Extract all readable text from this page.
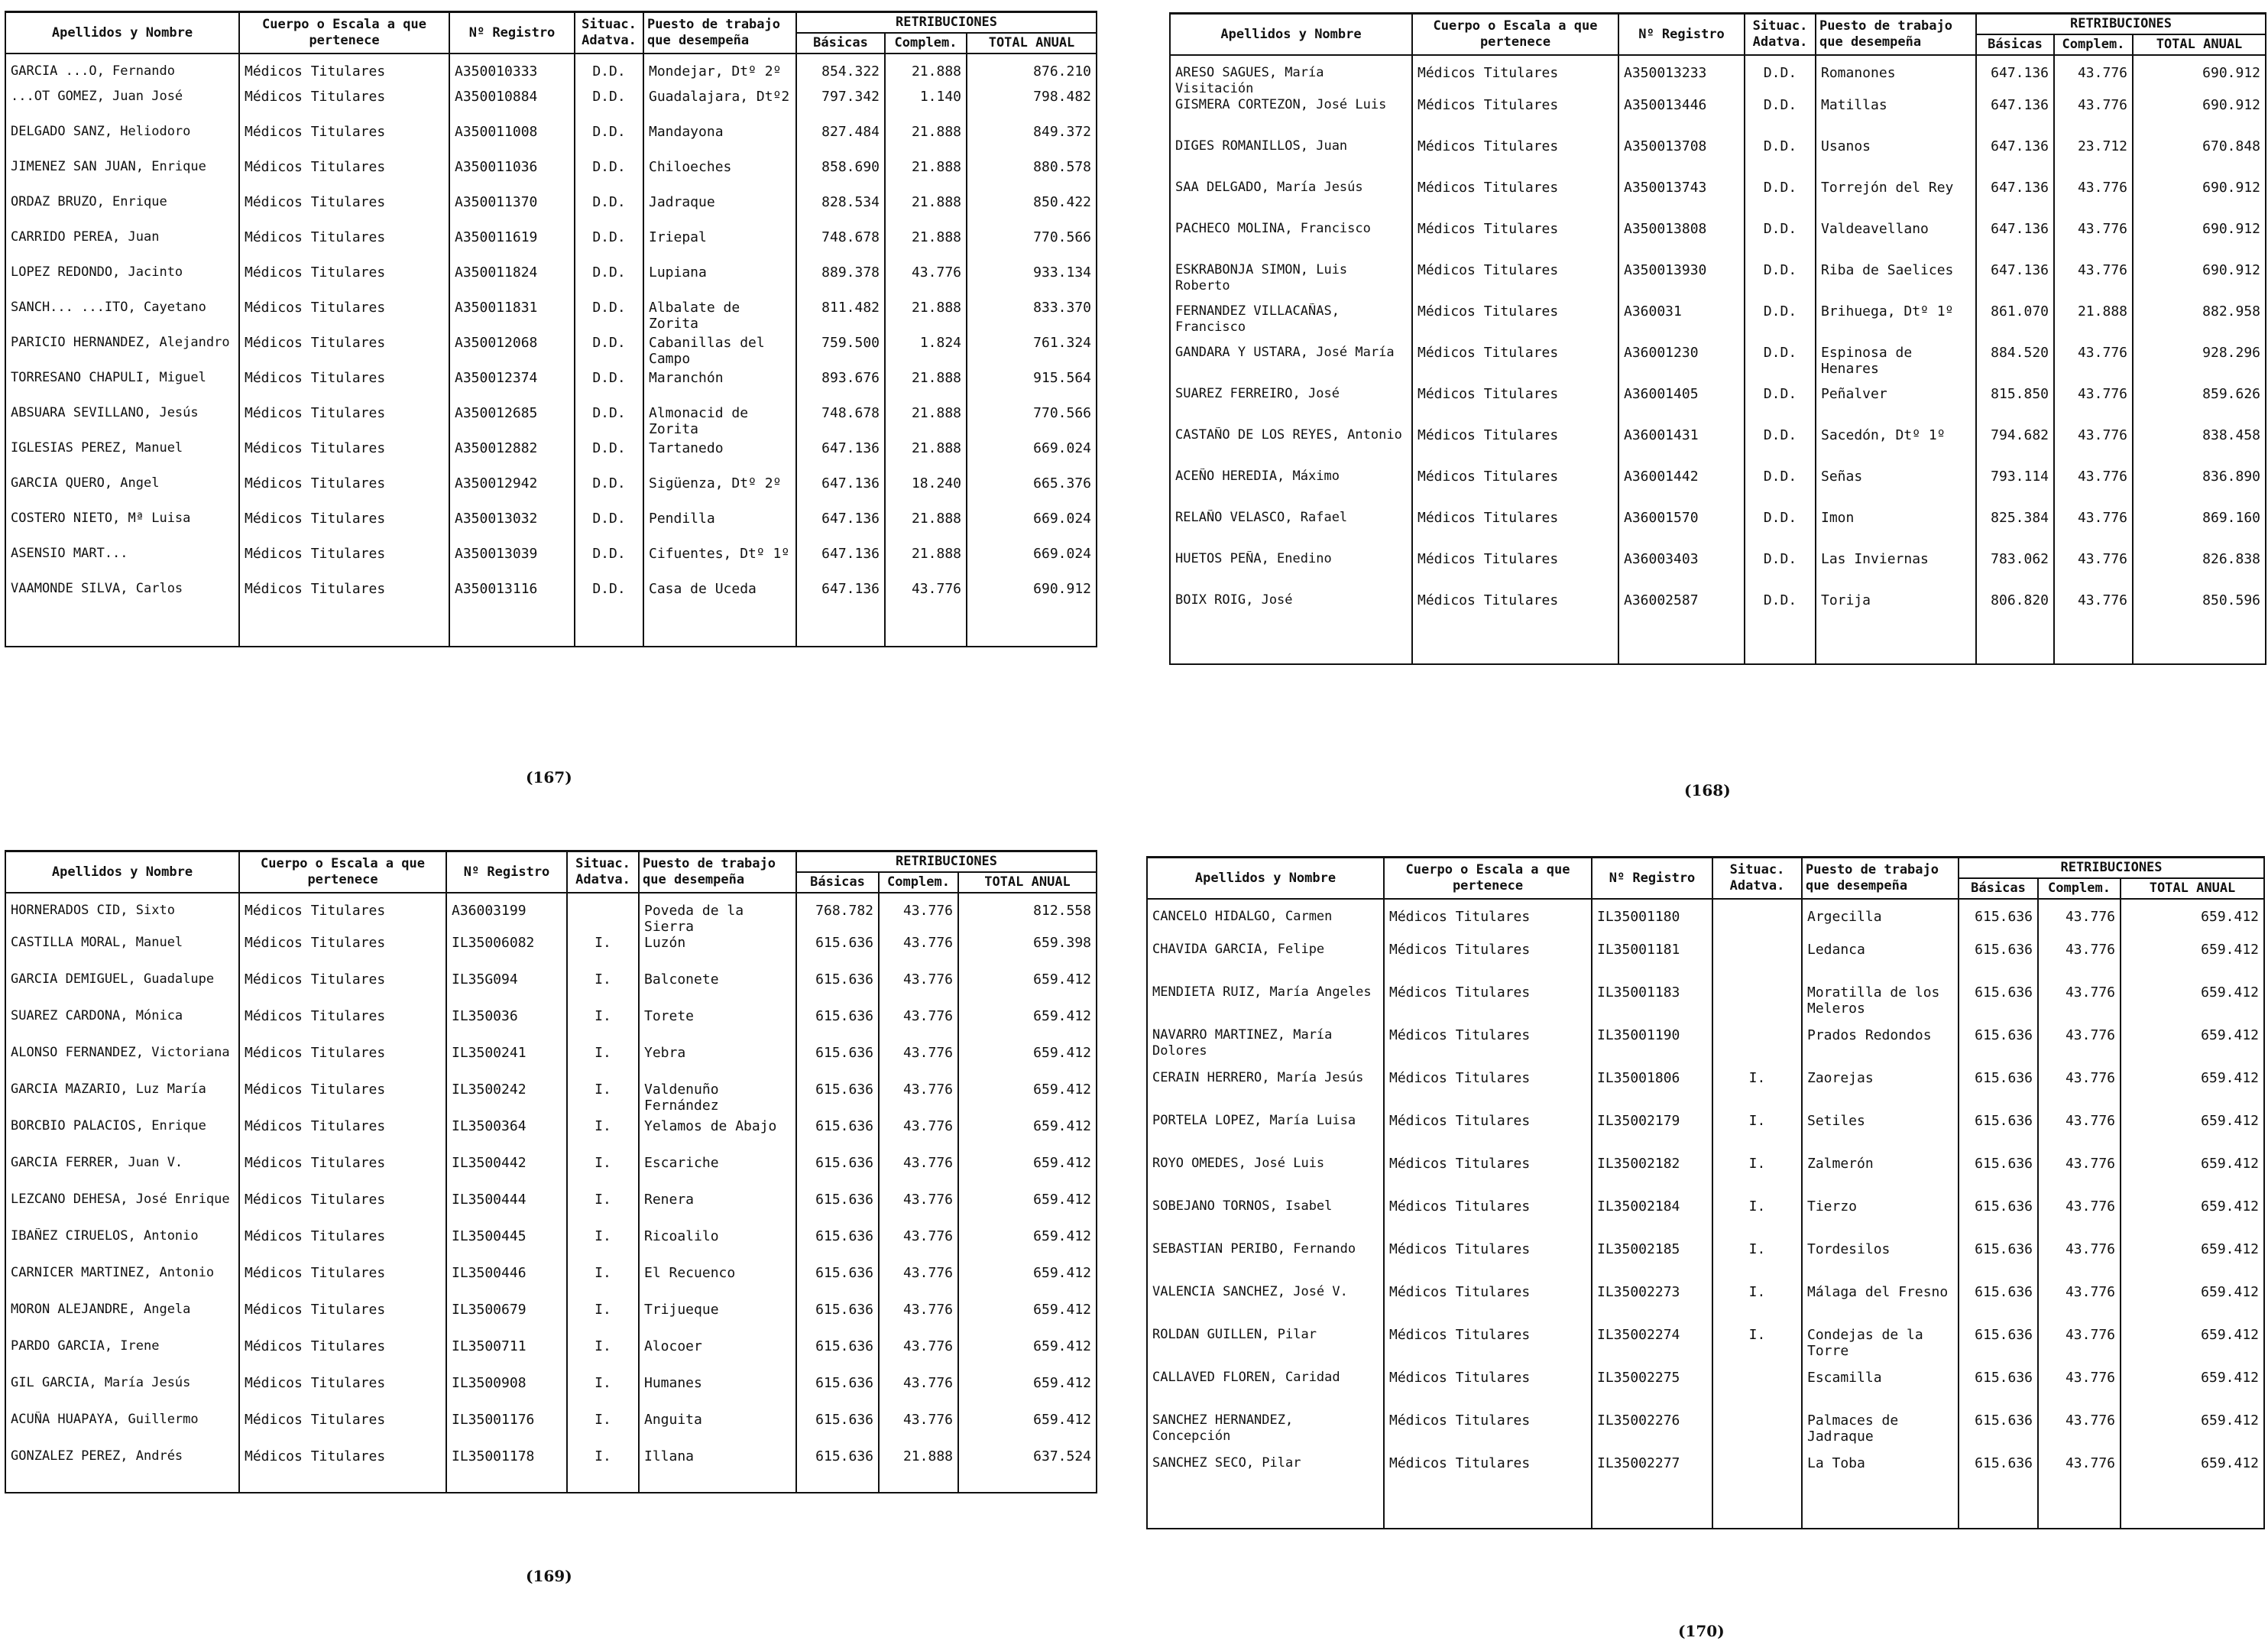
Apellidos y Nombre	Cuerpo o Escala a que pertenece	Nº Registro	Situac. Adatva.	Puesto de trabajo que desempeña	RETRIBUCIONES		
					Básicas	Complem.	TOTAL ANUAL
GARCIA ...O, Fernando	Médicos Titulares	A350010333	D.D.	Mondejar, Dtº 2º	854.322	21.888	876.210
...OT GOMEZ, Juan José	Médicos Titulares	A350010884	D.D.	Guadalajara, Dtº2	797.342	1.140	798.482
DELGADO SANZ, Heliodoro	Médicos Titulares	A350011008	D.D.	Mandayona	827.484	21.888	849.372
JIMENEZ SAN JUAN, Enrique	Médicos Titulares	A350011036	D.D.	Chiloeches	858.690	21.888	880.578
ORDAZ BRUZO, Enrique	Médicos Titulares	A350011370	D.D.	Jadraque	828.534	21.888	850.422
CARRIDO PEREA, Juan	Médicos Titulares	A350011619	D.D.	Iriepal	748.678	21.888	770.566
LOPEZ REDONDO, Jacinto	Médicos Titulares	A350011824	D.D.	Lupiana	889.378	43.776	933.134
SANCH... ...ITO, Cayetano	Médicos Titulares	A350011831	D.D.	Albalate de Zorita	811.482	21.888	833.370
PARICIO HERNANDEZ, Alejandro	Médicos Titulares	A350012068	D.D.	Cabanillas del Campo	759.500	1.824	761.324
TORRESANO CHAPULI, Miguel	Médicos Titulares	A350012374	D.D.	Maranchón	893.676	21.888	915.564
ABSUARA SEVILLANO, Jesús	Médicos Titulares	A350012685	D.D.	Almonacid de Zorita	748.678	21.888	770.566
IGLESIAS PEREZ, Manuel	Médicos Titulares	A350012882	D.D.	Tartanedo	647.136	21.888	669.024
GARCIA QUERO, Angel	Médicos Titulares	A350012942	D.D.	Sigüenza, Dtº 2º	647.136	18.240	665.376
COSTERO NIETO, Mª Luisa	Médicos Titulares	A350013032	D.D.	Pendilla	647.136	21.888	669.024
ASENSIO MART...	Médicos Titulares	A350013039	D.D.	Cifuentes, Dtº 1º	647.136	21.888	669.024
VAAMONDE SILVA, Carlos	Médicos Titulares	A350013116	D.D.	Casa de Uceda	647.136	43.776	690.912

(167)
Apellidos y Nombre	Cuerpo o Escala a que pertenece	Nº Registro	Situac. Adatva.	Puesto de trabajo que desempeña	RETRIBUCIONES		
					Básicas	Complem.	TOTAL ANUAL
ARESO SAGUES, María Visitación	Médicos Titulares	A350013233	D.D.	Romanones	647.136	43.776	690.912
GISMERA CORTEZON, José Luis	Médicos Titulares	A350013446	D.D.	Matillas	647.136	43.776	690.912
DIGES ROMANILLOS, Juan	Médicos Titulares	A350013708	D.D.	Usanos	647.136	23.712	670.848
SAA DELGADO, María Jesús	Médicos Titulares	A350013743	D.D.	Torrejón del Rey	647.136	43.776	690.912
PACHECO MOLINA, Francisco	Médicos Titulares	A350013808	D.D.	Valdeavellano	647.136	43.776	690.912
ESKRABONJA SIMON, Luis Roberto	Médicos Titulares	A350013930	D.D.	Riba de Saelices	647.136	43.776	690.912
FERNANDEZ VILLACAÑAS, Francisco	Médicos Titulares	A360031	D.D.	Brihuega, Dtº 1º	861.070	21.888	882.958
GANDARA Y USTARA, José María	Médicos Titulares	A36001230	D.D.	Espinosa de Henares	884.520	43.776	928.296
SUAREZ FERREIRO, José	Médicos Titulares	A36001405	D.D.	Peñalver	815.850	43.776	859.626
CASTAÑO DE LOS REYES, Antonio	Médicos Titulares	A36001431	D.D.	Sacedón, Dtº 1º	794.682	43.776	838.458
ACEÑO HEREDIA, Máximo	Médicos Titulares	A36001442	D.D.	Señas	793.114	43.776	836.890
RELAÑO VELASCO, Rafael	Médicos Titulares	A36001570	D.D.	Imon	825.384	43.776	869.160
HUETOS PEÑA, Enedino	Médicos Titulares	A36003403	D.D.	Las Inviernas	783.062	43.776	826.838
BOIX ROIG, José	Médicos Titulares	A36002587	D.D.	Torija	806.820	43.776	850.596

(168)
Apellidos y Nombre	Cuerpo o Escala a que pertenece	Nº Registro	Situac. Adatva.	Puesto de trabajo que desempeña	RETRIBUCIONES		
					Básicas	Complem.	TOTAL ANUAL
HORNERADOS CID, Sixto	Médicos Titulares	A36003199		Poveda de la Sierra	768.782	43.776	812.558
CASTILLA MORAL, Manuel	Médicos Titulares	IL35006082	I.	Luzón	615.636	43.776	659.398
GARCIA DEMIGUEL, Guadalupe	Médicos Titulares	IL35G094	I.	Balconete	615.636	43.776	659.412
SUAREZ CARDONA, Mónica	Médicos Titulares	IL350036	I.	Torete	615.636	43.776	659.412
ALONSO FERNANDEZ, Victoriana	Médicos Titulares	IL3500241	I.	Yebra	615.636	43.776	659.412
GARCIA MAZARIO, Luz María	Médicos Titulares	IL3500242	I.	Valdenuño Fernández	615.636	43.776	659.412
BORCBIO PALACIOS, Enrique	Médicos Titulares	IL3500364	I.	Yelamos de Abajo	615.636	43.776	659.412
GARCIA FERRER, Juan V.	Médicos Titulares	IL3500442	I.	Escariche	615.636	43.776	659.412
LEZCANO DEHESA, José Enrique	Médicos Titulares	IL3500444	I.	Renera	615.636	43.776	659.412
IBAÑEZ CIRUELOS, Antonio	Médicos Titulares	IL3500445	I.	Ricoalilo	615.636	43.776	659.412
CARNICER MARTINEZ, Antonio	Médicos Titulares	IL3500446	I.	El Recuenco	615.636	43.776	659.412
MORON ALEJANDRE, Angela	Médicos Titulares	IL3500679	I.	Trijueque	615.636	43.776	659.412
PARDO GARCIA, Irene	Médicos Titulares	IL3500711	I.	Alocoer	615.636	43.776	659.412
GIL GARCIA, María Jesús	Médicos Titulares	IL3500908	I.	Humanes	615.636	43.776	659.412
ACUÑA HUAPAYA, Guillermo	Médicos Titulares	IL35001176	I.	Anguita	615.636	43.776	659.412
GONZALEZ PEREZ, Andrés	Médicos Titulares	IL35001178	I.	Illana	615.636	21.888	637.524

(169)
Apellidos y Nombre	Cuerpo o Escala a que pertenece	Nº Registro	Situac. Adatva.	Puesto de trabajo que desempeña	RETRIBUCIONES		
					Básicas	Complem.	TOTAL ANUAL
CANCELO HIDALGO, Carmen	Médicos Titulares	IL35001180		Argecilla	615.636	43.776	659.412
CHAVIDA GARCIA, Felipe	Médicos Titulares	IL35001181		Ledanca	615.636	43.776	659.412
MENDIETA RUIZ, María Angeles	Médicos Titulares	IL35001183		Moratilla de los Meleros	615.636	43.776	659.412
NAVARRO MARTINEZ, María Dolores	Médicos Titulares	IL35001190		Prados Redondos	615.636	43.776	659.412
CERAIN HERRERO, María Jesús	Médicos Titulares	IL35001806	I.	Zaorejas	615.636	43.776	659.412
PORTELA LOPEZ, María Luisa	Médicos Titulares	IL35002179	I.	Setiles	615.636	43.776	659.412
ROYO OMEDES, José Luis	Médicos Titulares	IL35002182	I.	Zalmerón	615.636	43.776	659.412
SOBEJANO TORNOS, Isabel	Médicos Titulares	IL35002184	I.	Tierzo	615.636	43.776	659.412
SEBASTIAN PERIBO, Fernando	Médicos Titulares	IL35002185	I.	Tordesilos	615.636	43.776	659.412
VALENCIA SANCHEZ, José V.	Médicos Titulares	IL35002273	I.	Málaga del Fresno	615.636	43.776	659.412
ROLDAN GUILLEN, Pilar	Médicos Titulares	IL35002274	I.	Condejas de la Torre	615.636	43.776	659.412
CALLAVED FLOREN, Caridad	Médicos Titulares	IL35002275		Escamilla	615.636	43.776	659.412
SANCHEZ HERNANDEZ, Concepción	Médicos Titulares	IL35002276		Palmaces de Jadraque	615.636	43.776	659.412
SANCHEZ SECO, Pilar	Médicos Titulares	IL35002277		La Toba	615.636	43.776	659.412

(170)
